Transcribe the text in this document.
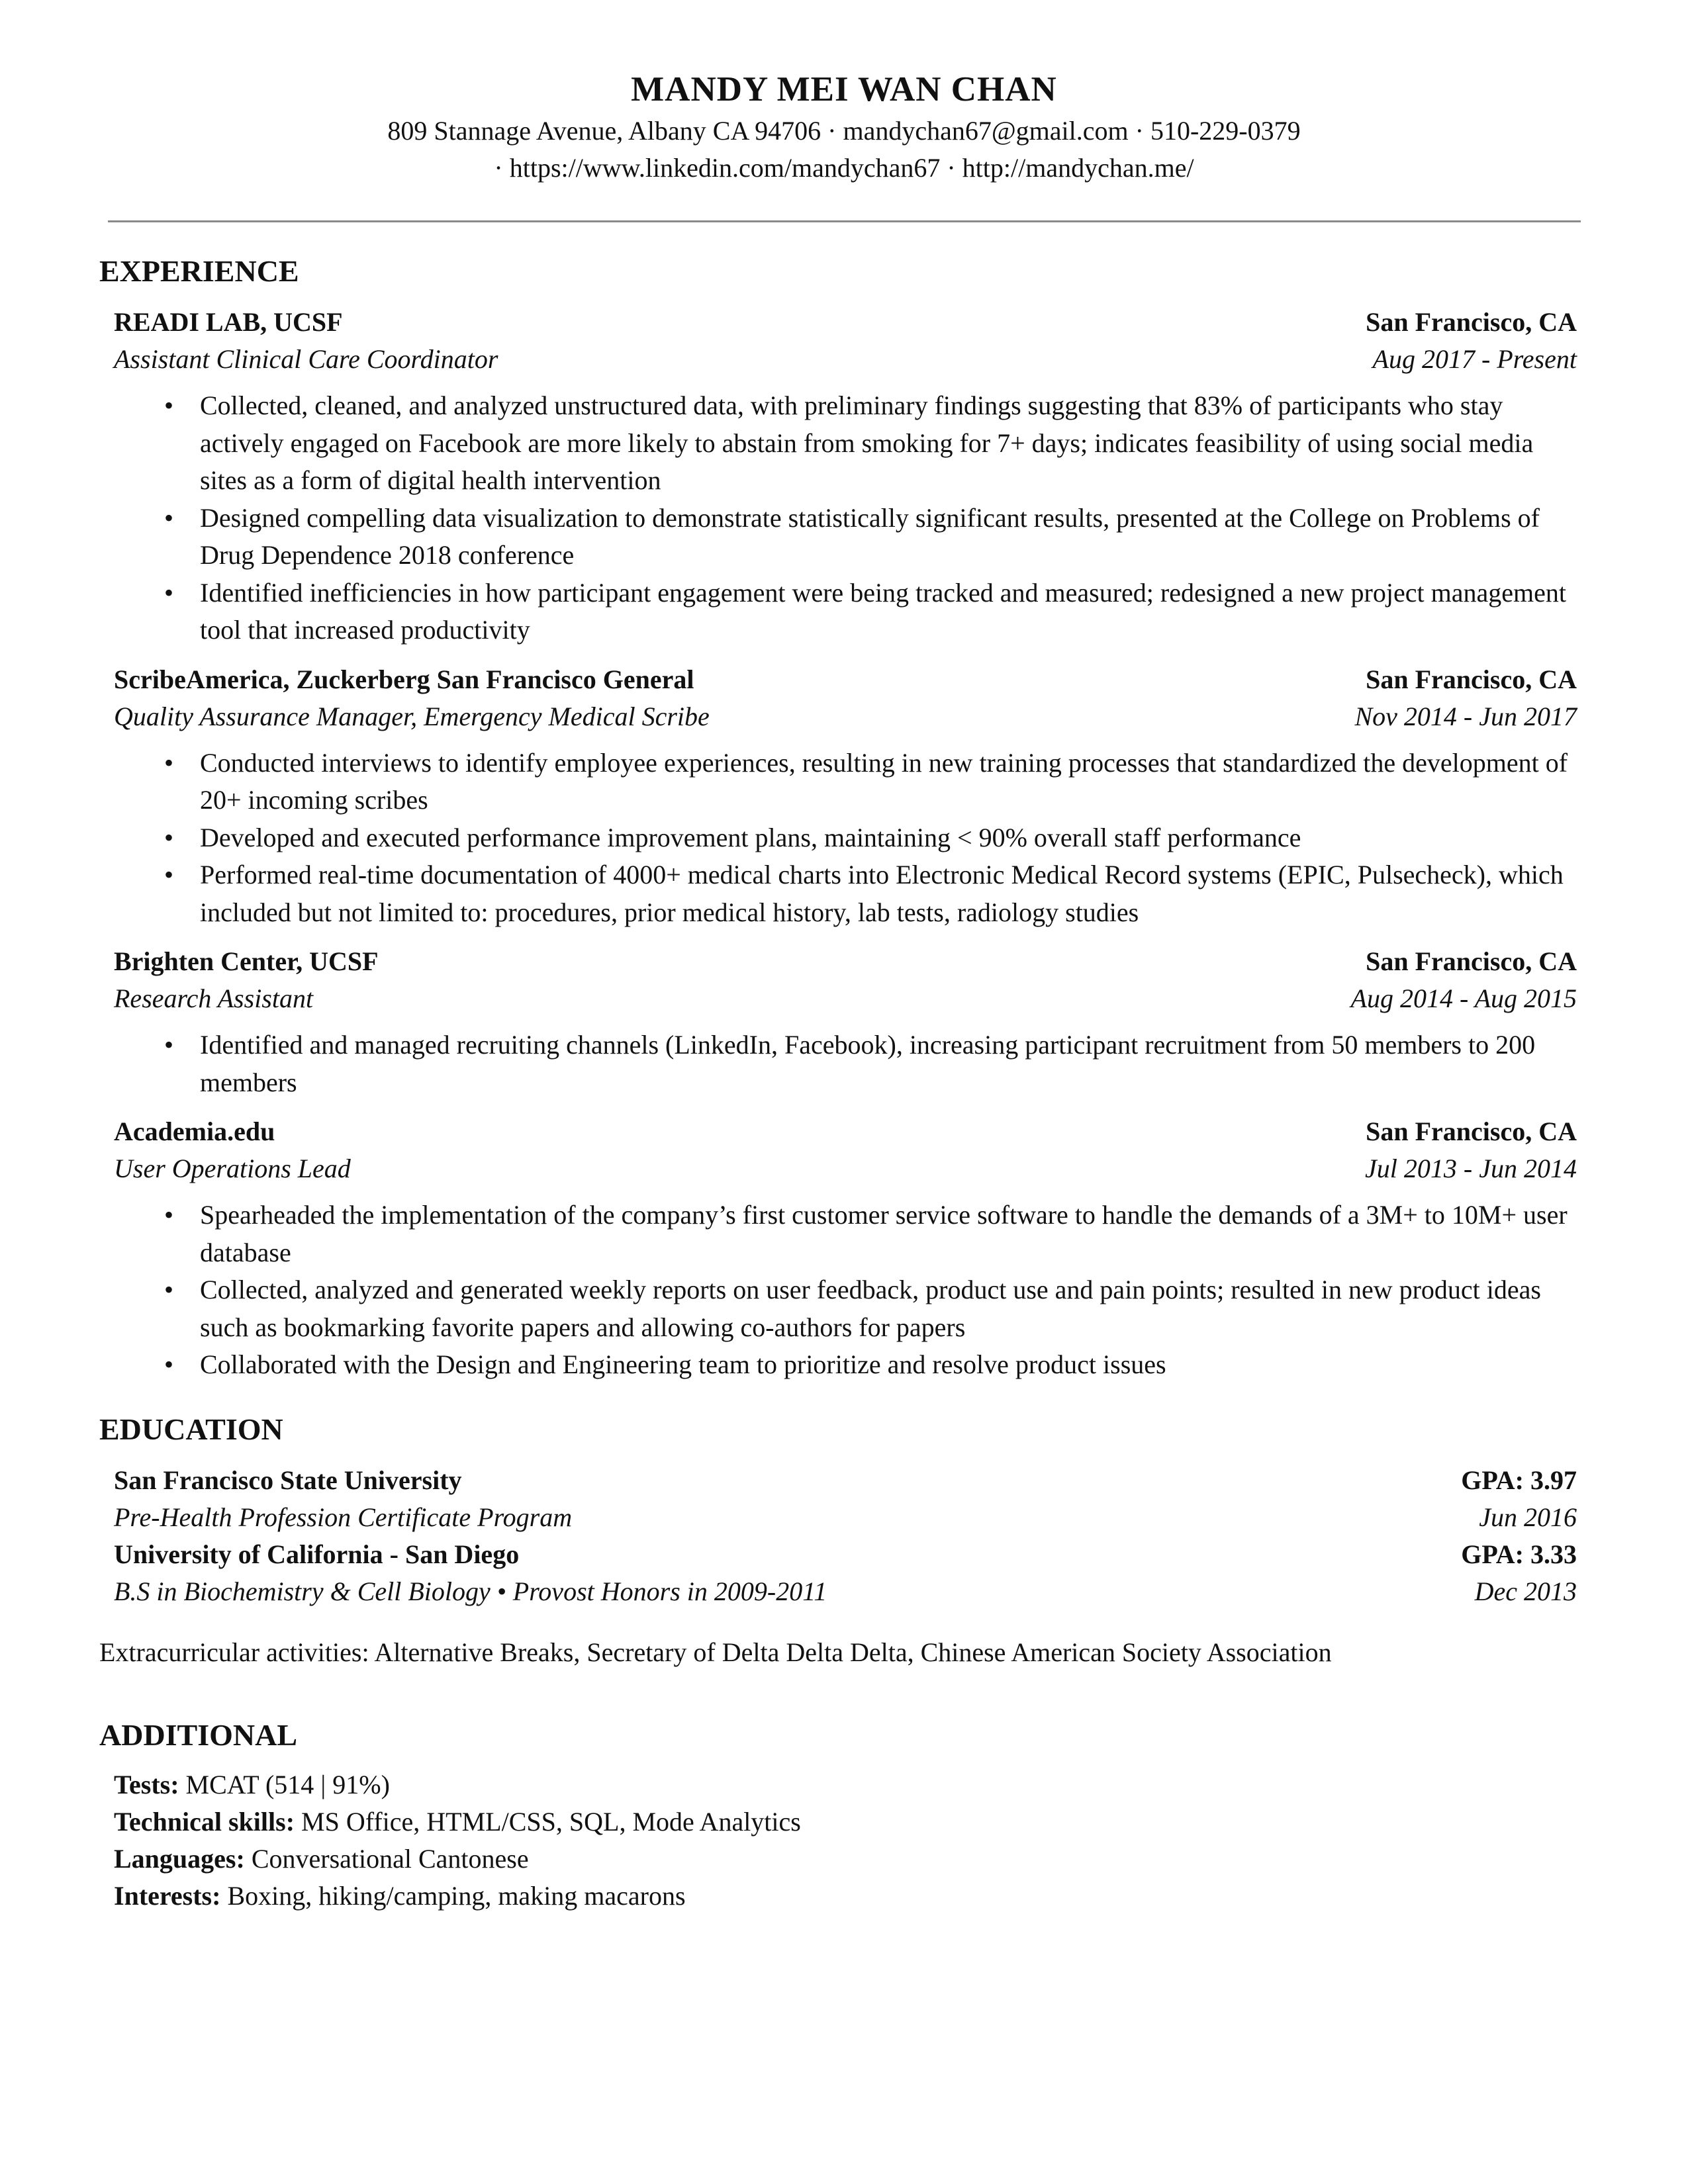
MANDY MEI WAN CHAN
809 Stannage Avenue, Albany CA 94706 · mandychan67@gmail.com · 510-229-0379
· https://www.linkedin.com/mandychan67 · http://mandychan.me/
EXPERIENCE
READI LAB, UCSF	San Francisco, CA
Assistant Clinical Care Coordinator	Aug 2017 - Present
• Collected, cleaned, and analyzed unstructured data, with preliminary findings suggesting that 83% of participants who stay actively engaged on Facebook are more likely to abstain from smoking for 7+ days; indicates feasibility of using social media sites as a form of digital health intervention
• Designed compelling data visualization to demonstrate statistically significant results, presented at the College on Problems of Drug Dependence 2018 conference
• Identified inefficiencies in how participant engagement were being tracked and measured; redesigned a new project management tool that increased productivity
ScribeAmerica, Zuckerberg San Francisco General	San Francisco, CA
Quality Assurance Manager, Emergency Medical Scribe	Nov 2014 - Jun 2017
• Conducted interviews to identify employee experiences, resulting in new training processes that standardized the development of 20+ incoming scribes
• Developed and executed performance improvement plans, maintaining < 90% overall staff performance
• Performed real-time documentation of 4000+ medical charts into Electronic Medical Record systems (EPIC, Pulsecheck), which included but not limited to: procedures, prior medical history, lab tests, radiology studies
Brighten Center, UCSF	San Francisco, CA
Research Assistant	Aug 2014 - Aug 2015
• Identified and managed recruiting channels (LinkedIn, Facebook), increasing participant recruitment from 50 members to 200 members
Academia.edu	San Francisco, CA
User Operations Lead	Jul 2013 - Jun 2014
• Spearheaded the implementation of the company’s first customer service software to handle the demands of a 3M+ to 10M+ user database
• Collected, analyzed and generated weekly reports on user feedback, product use and pain points; resulted in new product ideas such as bookmarking favorite papers and allowing co-authors for papers
• Collaborated with the Design and Engineering team to prioritize and resolve product issues
EDUCATION
San Francisco State University	GPA: 3.97
Pre-Health Profession Certificate Program	Jun 2016
University of California - San Diego	GPA: 3.33
B.S in Biochemistry & Cell Biology • Provost Honors in 2009-2011	Dec 2013
Extracurricular activities: Alternative Breaks, Secretary of Delta Delta Delta, Chinese American Society Association
ADDITIONAL
Tests: MCAT (514 | 91%)
Technical skills: MS Office, HTML/CSS, SQL, Mode Analytics
Languages: Conversational Cantonese
Interests: Boxing, hiking/camping, making macarons
